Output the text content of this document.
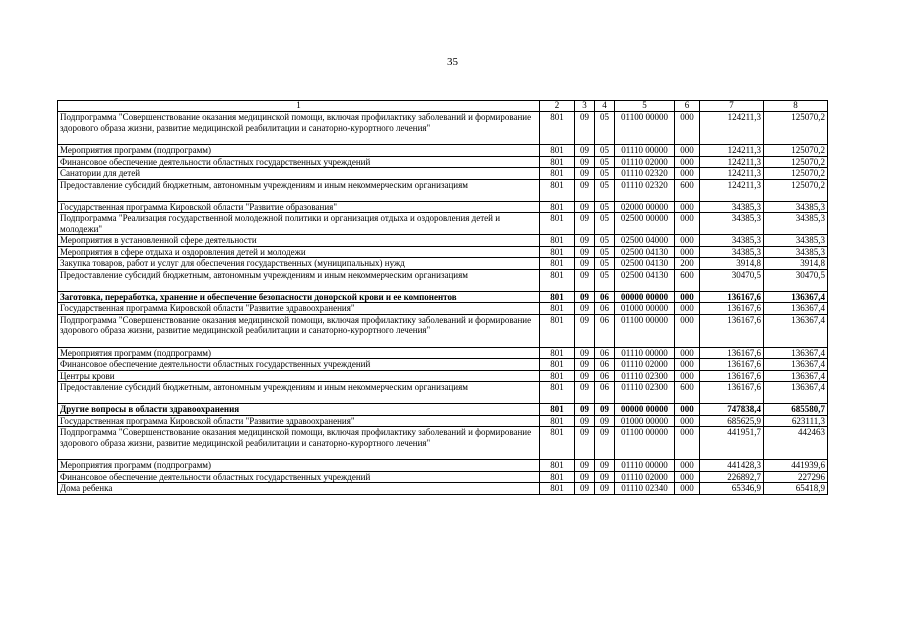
35
1	2	3	4	5	6	7	8
Подпрограмма "Совершенствование оказания медицинской помощи, включая профилактику заболеваний и формирование здорового образа жизни, развитие медицинской реабилитации и санаторно-курортного лечения"	801	09	05	01100 00000	000	124211,3	125070,2
Мероприятия программ (подпрограмм)	801	09	05	01110 00000	000	124211,3	125070,2
Финансовое обеспечение деятельности областных государственных учреждений	801	09	05	01110 02000	000	124211,3	125070,2
Санатории для детей	801	09	05	01110 02320	000	124211,3	125070,2
Предоставление субсидий бюджетным, автономным учреждениям и иным некоммерческим организациям	801	09	05	01110 02320	600	124211,3	125070,2
Государственная программа Кировской области "Развитие образования"	801	09	05	02000 00000	000	34385,3	34385,3
Подпрограмма "Реализация государственной молодежной политики и организация отдыха и оздоровления детей и молодежи"	801	09	05	02500 00000	000	34385,3	34385,3
Мероприятия в установленной сфере деятельности	801	09	05	02500 04000	000	34385,3	34385,3
Мероприятия в сфере отдыха и оздоровления детей и молодежи	801	09	05	02500 04130	000	34385,3	34385,3
Закупка товаров, работ и услуг для обеспечения государственных (муниципальных) нужд	801	09	05	02500 04130	200	3914,8	3914,8
Предоставление субсидий бюджетным, автономным учреждениям и иным некоммерческим организациям	801	09	05	02500 04130	600	30470,5	30470,5
Заготовка, переработка, хранение и обеспечение безопасности донорской крови и ее компонентов	801	09	06	00000 00000	000	136167,6	136367,4
Государственная программа Кировской области "Развитие здравоохранения"	801	09	06	01000 00000	000	136167,6	136367,4
Подпрограмма "Совершенствование оказания медицинской помощи, включая профилактику заболеваний и формирование здорового образа жизни, развитие медицинской реабилитации и санаторно-курортного лечения"	801	09	06	01100 00000	000	136167,6	136367,4
Мероприятия программ (подпрограмм)	801	09	06	01110 00000	000	136167,6	136367,4
Финансовое обеспечение деятельности областных государственных учреждений	801	09	06	01110 02000	000	136167,6	136367,4
Центры крови	801	09	06	01110 02300	000	136167,6	136367,4
Предоставление субсидий бюджетным, автономным учреждениям и иным некоммерческим организациям	801	09	06	01110 02300	600	136167,6	136367,4
Другие вопросы в области здравоохранения	801	09	09	00000 00000	000	747838,4	685580,7
Государственная программа Кировской области "Развитие здравоохранения"	801	09	09	01000 00000	000	685625,9	623111,3
Подпрограмма "Совершенствование оказания медицинской помощи, включая профилактику заболеваний и формирование здорового образа жизни, развитие медицинской реабилитации и санаторно-курортного лечения"	801	09	09	01100 00000	000	441951,7	442463
Мероприятия программ (подпрограмм)	801	09	09	01110 00000	000	441428,3	441939,6
Финансовое обеспечение деятельности областных государственных учреждений	801	09	09	01110 02000	000	226892,7	227296
Дома ребенка	801	09	09	01110 02340	000	65346,9	65418,9
